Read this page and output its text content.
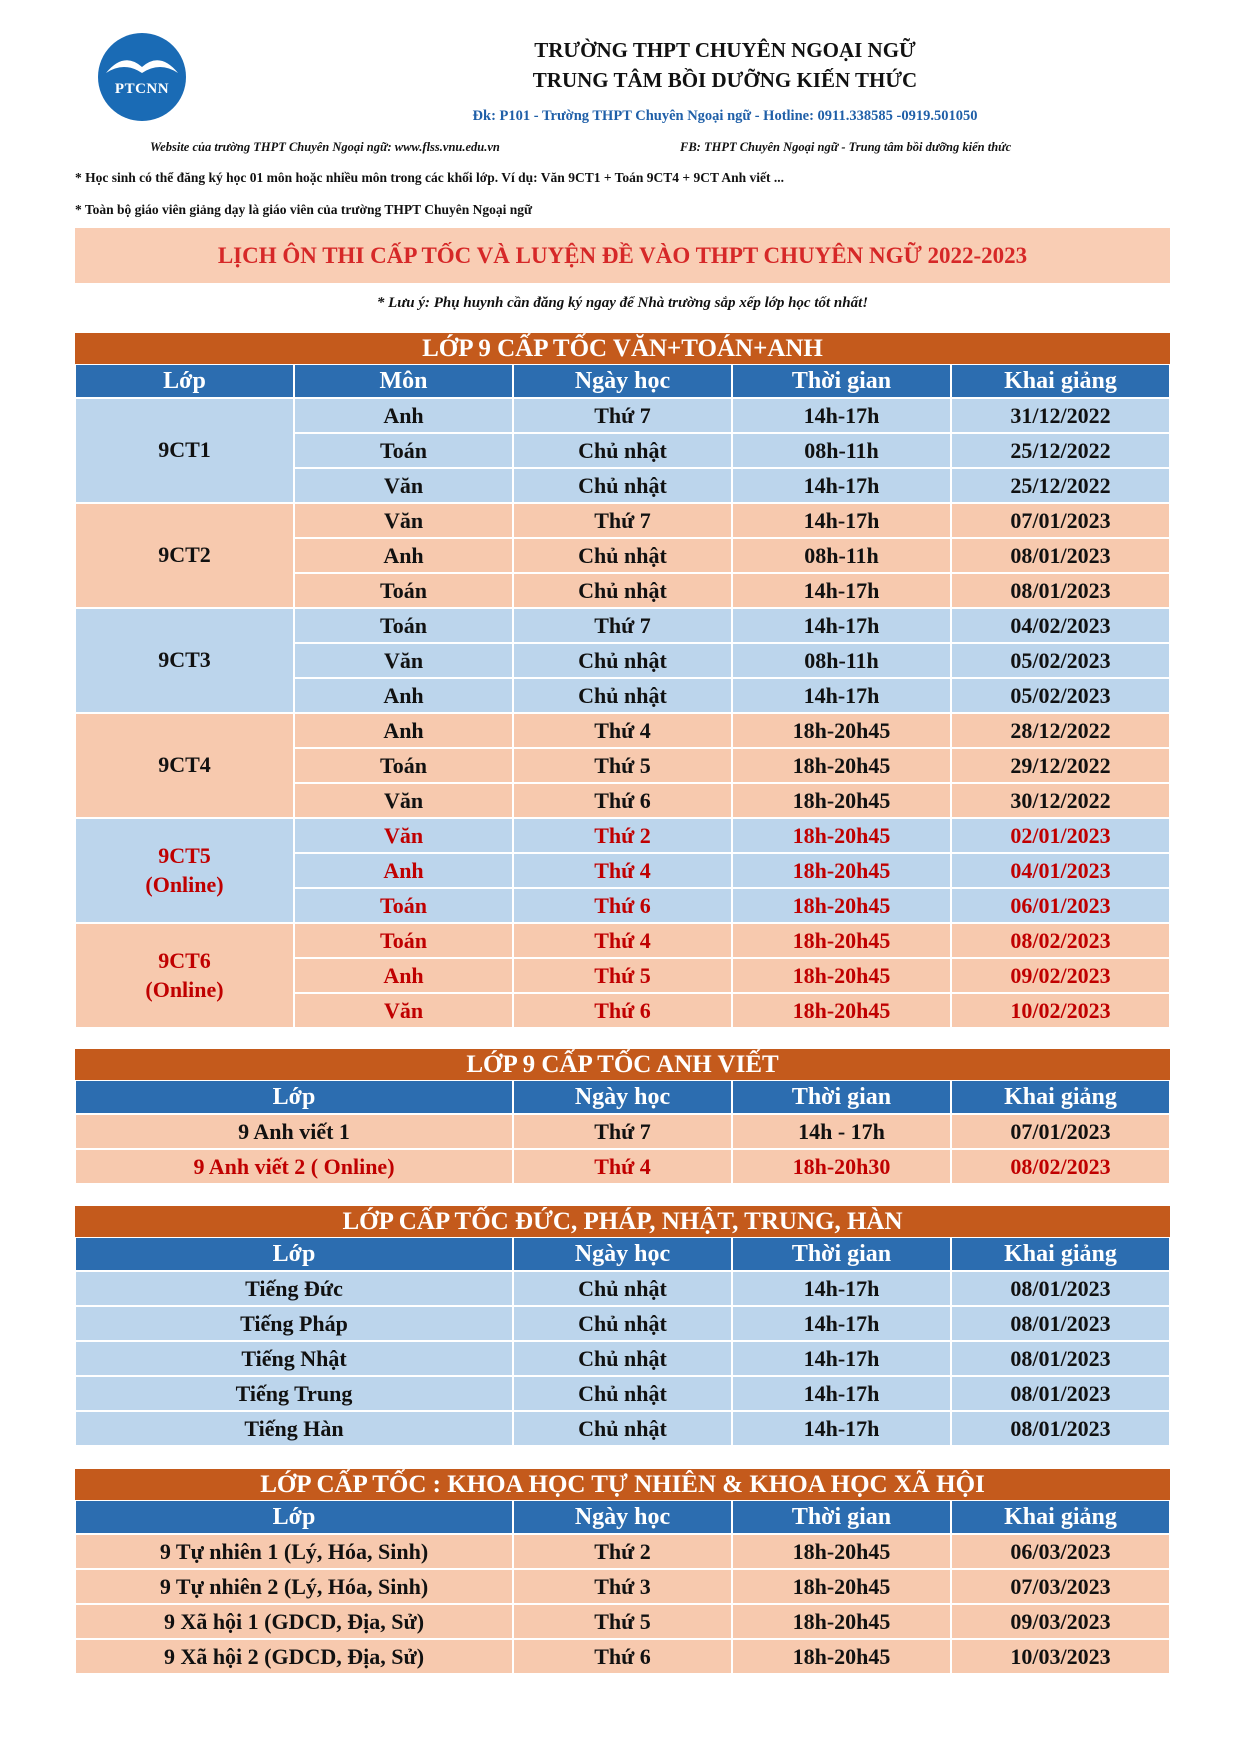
PTCNN
TRƯỜNG THPT CHUYÊN NGOẠI NGỮ
TRUNG TÂM BỒI DƯỠNG KIẾN THỨC
Đk: P101 - Trường THPT Chuyên Ngoại ngữ - Hotline: 0911.338585 -0919.501050
Website của trường THPT Chuyên Ngoại ngữ: www.flss.vnu.edu.vn	FB: THPT Chuyên Ngoại ngữ - Trung tâm bồi dưỡng kiến thức
* Học sinh có thể đăng ký học 01 môn hoặc nhiều môn trong các khối lớp. Ví dụ: Văn 9CT1 + Toán 9CT4 + 9CT Anh viết ...
* Toàn bộ giáo viên giảng dạy là giáo viên của trường THPT Chuyên Ngoại ngữ
LỊCH ÔN THI CẤP TỐC VÀ LUYỆN ĐỀ VÀO THPT CHUYÊN NGỮ 2022-2023
* Lưu ý: Phụ huynh cần đăng ký ngay để Nhà trường sắp xếp lớp học tốt nhất!
LỚP 9 CẤP TỐC VĂN+TOÁN+ANH
Lớp	Môn	Ngày học	Thời gian	Khai giảng
9CT1
Anh	Thứ 7	14h-17h	31/12/2022
Toán	Chủ nhật	08h-11h	25/12/2022
Văn	Chủ nhật	14h-17h	25/12/2022
9CT2
Văn	Thứ 7	14h-17h	07/01/2023
Anh	Chủ nhật	08h-11h	08/01/2023
Toán	Chủ nhật	14h-17h	08/01/2023
9CT3
Toán	Thứ 7	14h-17h	04/02/2023
Văn	Chủ nhật	08h-11h	05/02/2023
Anh	Chủ nhật	14h-17h	05/02/2023
9CT4
Anh	Thứ 4	18h-20h45	28/12/2022
Toán	Thứ 5	18h-20h45	29/12/2022
Văn	Thứ 6	18h-20h45	30/12/2022
9CT5
(Online)
Văn	Thứ 2	18h-20h45	02/01/2023
Anh	Thứ 4	18h-20h45	04/01/2023
Toán	Thứ 6	18h-20h45	06/01/2023
9CT6
(Online)
Toán	Thứ 4	18h-20h45	08/02/2023
Anh	Thứ 5	18h-20h45	09/02/2023
Văn	Thứ 6	18h-20h45	10/02/2023
LỚP 9 CẤP TỐC ANH VIẾT
Lớp	Ngày học	Thời gian	Khai giảng
9 Anh viết 1	Thứ 7	14h - 17h	07/01/2023
9 Anh viết 2 ( Online)	Thứ 4	18h-20h30	08/02/2023
LỚP CẤP TỐC ĐỨC, PHÁP, NHẬT, TRUNG, HÀN
Lớp	Ngày học	Thời gian	Khai giảng
Tiếng Đức	Chủ nhật	14h-17h	08/01/2023
Tiếng Pháp	Chủ nhật	14h-17h	08/01/2023
Tiếng Nhật	Chủ nhật	14h-17h	08/01/2023
Tiếng Trung	Chủ nhật	14h-17h	08/01/2023
Tiếng Hàn	Chủ nhật	14h-17h	08/01/2023
LỚP CẤP TỐC : KHOA HỌC TỰ NHIÊN & KHOA HỌC XÃ HỘI
Lớp	Ngày học	Thời gian	Khai giảng
9 Tự nhiên 1 (Lý, Hóa, Sinh)	Thứ 2	18h-20h45	06/03/2023
9 Tự nhiên 2 (Lý, Hóa, Sinh)	Thứ 3	18h-20h45	07/03/2023
9 Xã hội 1 (GDCD, Địa, Sử)	Thứ 5	18h-20h45	09/03/2023
9 Xã hội 2 (GDCD, Địa, Sử)	Thứ 6	18h-20h45	10/03/2023
